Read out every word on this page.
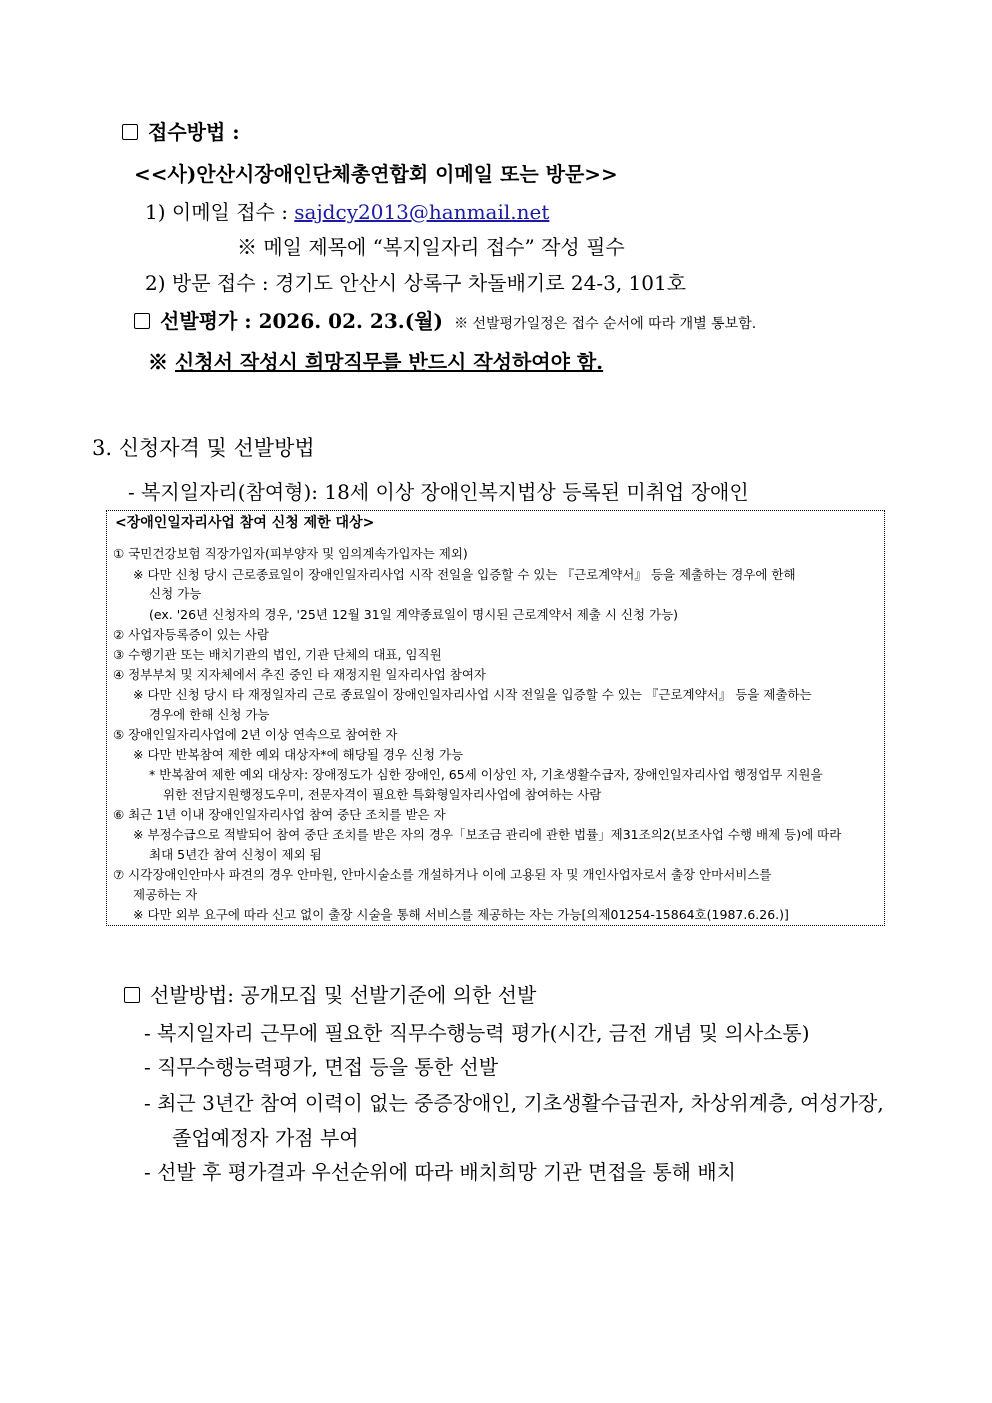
접수방법 :
<<사)안산시장애인단체총연합회 이메일 또는 방문>>
1) 이메일 접수 : sajdcy2013@hanmail.net
※ 메일 제목에 “복지일자리 접수” 작성 필수
2) 방문 접수 : 경기도 안산시 상록구 차돌배기로 24-3, 101호
선발평가 : 2026. 02. 23.(월) ※ 선발평가일정은 접수 순서에 따라 개별 통보함.
※ 신청서 작성시 희망직무를 반드시 작성하여야 함.
3. 신청자격 및 선발방법
- 복지일자리(참여형): 18세 이상 장애인복지법상 등록된 미취업 장애인
<장애인일자리사업 참여 신청 제한 대상>
① 국민건강보험 직장가입자(피부양자 및 임의계속가입자는 제외)
※ 다만 신청 당시 근로종료일이 장애인일자리사업 시작 전일을 입증할 수 있는 『근로계약서』 등을 제출하는 경우에 한해
신청 가능
(ex. '26년 신청자의 경우, '25년 12월 31일 계약종료일이 명시된 근로계약서 제출 시 신청 가능)
② 사업자등록증이 있는 사람
③ 수행기관 또는 배치기관의 법인, 기관 단체의 대표, 임직원
④ 정부부처 및 지자체에서 추진 중인 타 재정지원 일자리사업 참여자
※ 다만 신청 당시 타 재정일자리 근로 종료일이 장애인일자리사업 시작 전일을 입증할 수 있는 『근로계약서』 등을 제출하는
경우에 한해 신청 가능
⑤ 장애인일자리사업에 2년 이상 연속으로 참여한 자
※ 다만 반복참여 제한 예외 대상자*에 해당될 경우 신청 가능
* 반복참여 제한 예외 대상자: 장애정도가 심한 장애인, 65세 이상인 자, 기초생활수급자, 장애인일자리사업 행정업무 지원을
위한 전담지원행정도우미, 전문자격이 필요한 특화형일자리사업에 참여하는 사람
⑥ 최근 1년 이내 장애인일자리사업 참여 중단 조치를 받은 자
※ 부정수급으로 적발되어 참여 중단 조치를 받은 자의 경우「보조금 관리에 관한 법률」제31조의2(보조사업 수행 배제 등)에 따라
최대 5년간 참여 신청이 제외 됨
⑦ 시각장애인안마사 파견의 경우 안마원, 안마시술소를 개설하거나 이에 고용된 자 및 개인사업자로서 출장 안마서비스를
제공하는 자
※ 다만 외부 요구에 따라 신고 없이 출장 시술을 통해 서비스를 제공하는 자는 가능[의제01254-15864호(1987.6.26.)]
선발방법: 공개모집 및 선발기준에 의한 선발
- 복지일자리 근무에 필요한 직무수행능력 평가(시간, 금전 개념 및 의사소통)
- 직무수행능력평가, 면접 등을 통한 선발
- 최근 3년간 참여 이력이 없는 중증장애인, 기초생활수급권자, 차상위계층, 여성가장,
졸업예정자 가점 부여
- 선발 후 평가결과 우선순위에 따라 배치희망 기관 면접을 통해 배치
